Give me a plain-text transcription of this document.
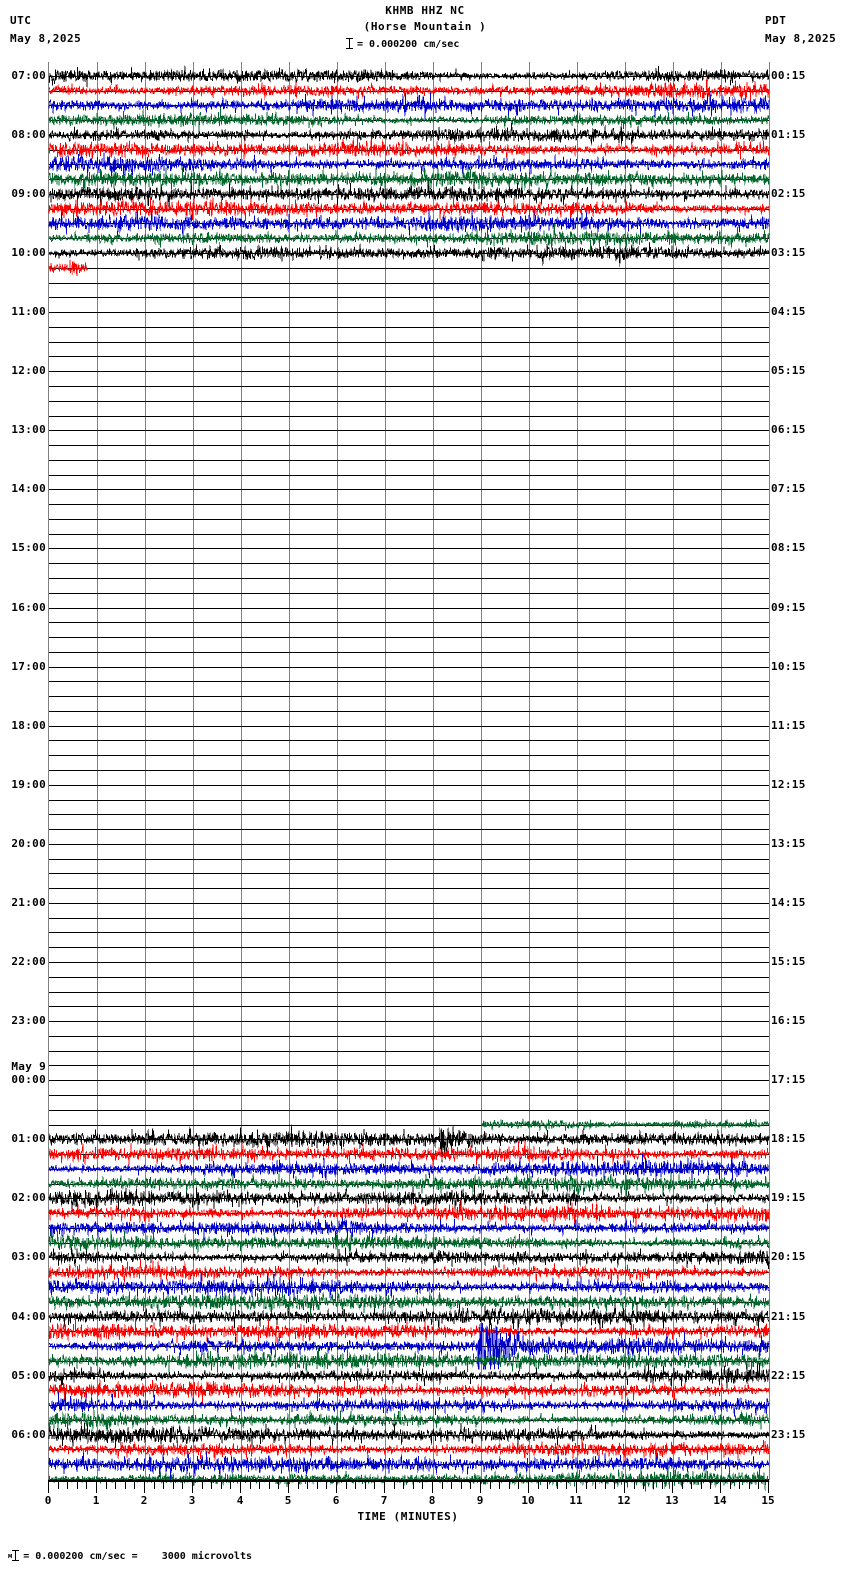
UTC
May 8,2025
KHMB HHZ NC
(Horse Mountain )	PDT
May 8,2025
= 0.000200 cm/sec
07:00
08:00
09:00
10:00
11:00
12:00
13:00
14:00
15:00
16:00
17:00
18:00
19:00
20:00
21:00
22:00
23:00
00:00
01:00
02:00
03:00
04:00
05:00
06:00
May 9
00:15
01:15
02:15
03:15
04:15
05:15
06:15
07:15
08:15
09:15
10:15
11:15
12:15
13:15
14:15
15:15
16:15
17:15
18:15
19:15
20:15
21:15
22:15
23:15
0	1	2	3	4	5	6	7	8	9	10	11	12	13	14	15
TIME (MINUTES)
м = 0.000200 cm/sec =    3000 microvolts
